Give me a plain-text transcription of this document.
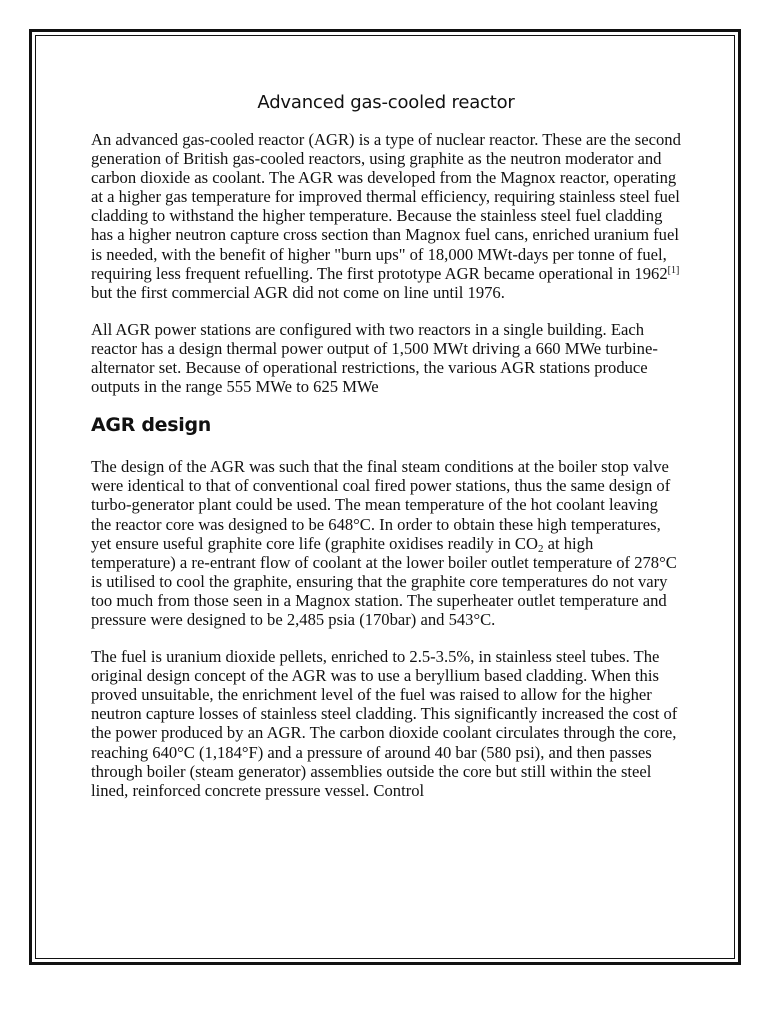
Advanced gas-cooled reactor

An advanced gas-cooled reactor (AGR) is a type of nuclear reactor. These are the second generation of British gas-cooled reactors, using graphite as the neutron moderator and carbon dioxide as coolant. The AGR was developed from the Magnox reactor, operating at a higher gas temperature for improved thermal efficiency, requiring stainless steel fuel cladding to withstand the higher temperature. Because the stainless steel fuel cladding has a higher neutron capture cross section than Magnox fuel cans, enriched uranium fuel is needed, with the benefit of higher "burn ups" of 18,000 MWt-days per tonne of fuel, requiring less frequent refuelling. The first prototype AGR became operational in 1962[1] but the first commercial AGR did not come on line until 1976.

All AGR power stations are configured with two reactors in a single building. Each reactor has a design thermal power output of 1,500 MWt driving a 660 MWe turbine-alternator set. Because of operational restrictions, the various AGR stations produce outputs in the range 555 MWe to 625 MWe

AGR design

The design of the AGR was such that the final steam conditions at the boiler stop valve were identical to that of conventional coal fired power stations, thus the same design of turbo-generator plant could be used. The mean temperature of the hot coolant leaving the reactor core was designed to be 648°C. In order to obtain these high temperatures, yet ensure useful graphite core life (graphite oxidises readily in $CO_2$ at high temperature) a re-entrant flow of coolant at the lower boiler outlet temperature of 278°C is utilised to cool the graphite, ensuring that the graphite core temperatures do not vary too much from those seen in a Magnox station. The superheater outlet temperature and pressure were designed to be 2,485 psia (170bar) and 543°C.

The fuel is uranium dioxide pellets, enriched to 2.5-3.5%, in stainless steel tubes. The original design concept of the AGR was to use a beryllium based cladding. When this proved unsuitable, the enrichment level of the fuel was raised to allow for the higher neutron capture losses of stainless steel cladding. This significantly increased the cost of the power produced by an AGR. The carbon dioxide coolant circulates through the core, reaching 640°C (1,184°F) and a pressure of around 40 bar (580 psi), and then passes through boiler (steam generator) assemblies outside the core but still within the steel lined, reinforced concrete pressure vessel. Control
